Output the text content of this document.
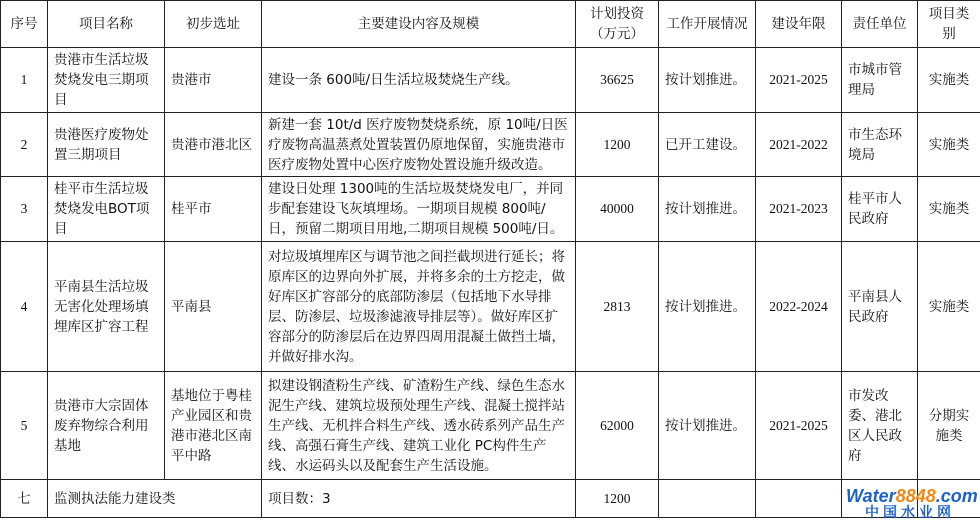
序号	项目名称	初步选址	主要建设内容及规模	计划投资（万元）	工作开展情况	建设年限	责任单位	项目类别
1	贵港市生活垃圾焚烧发电三期项目	贵港市	建设一条 600吨/日生活垃圾焚烧生产线。	36625	按计划推进。	2021-2025	市城市管理局	实施类
2	贵港医疗废物处置三期项目	贵港市港北区	新建一套 10t/d 医疗废物焚烧系统，原 10吨/日医疗废物高温蒸煮处置装置仍原地保留，实施贵港市医疗废物处置中心医疗废物处置设施升级改造。	1200	已开工建设。	2021-2022	市生态环境局	实施类
3	桂平市生活垃圾焚烧发电BOT项目	桂平市	建设日处理 1300吨的生活垃圾焚烧发电厂，并同步配套建设飞灰填埋场。一期项目规模 800吨/日，预留二期项目用地,二期项目规模 500吨/日。	40000	按计划推进。	2021-2023	桂平市人民政府	实施类
4	平南县生活垃圾无害化处理场填埋库区扩容工程	平南县	对垃圾填埋库区与调节池之间拦截坝进行延长；将原库区的边界向外扩展，并将多余的土方挖走，做好库区扩容部分的底部防渗层（包括地下水导排层、防渗层、垃圾渗滤液导排层等）。做好库区扩容部分的防渗层后在边界四周用混凝土做挡土墙，并做好排水沟。	2813	按计划推进。	2022-2024	平南县人民政府	实施类
5	贵港市大宗固体废弃物综合利用基地	基地位于粤桂产业园区和贵港市港北区南平中路	拟建设钢渣粉生产线、矿渣粉生产线、绿色生态水泥生产线、建筑垃圾预处理生产线、混凝土搅拌站生产线、无机拌合料生产线、透水砖系列产品生产线、高强石膏生产线、建筑工业化 PC构件生产线、水运码头以及配套生产生活设施。	62000	按计划推进。	2021-2025	市发改委、港北区人民政府	分期实施类
七	监测执法能力建设类		项目数：3	1200					Water8848.com
中国水业网
